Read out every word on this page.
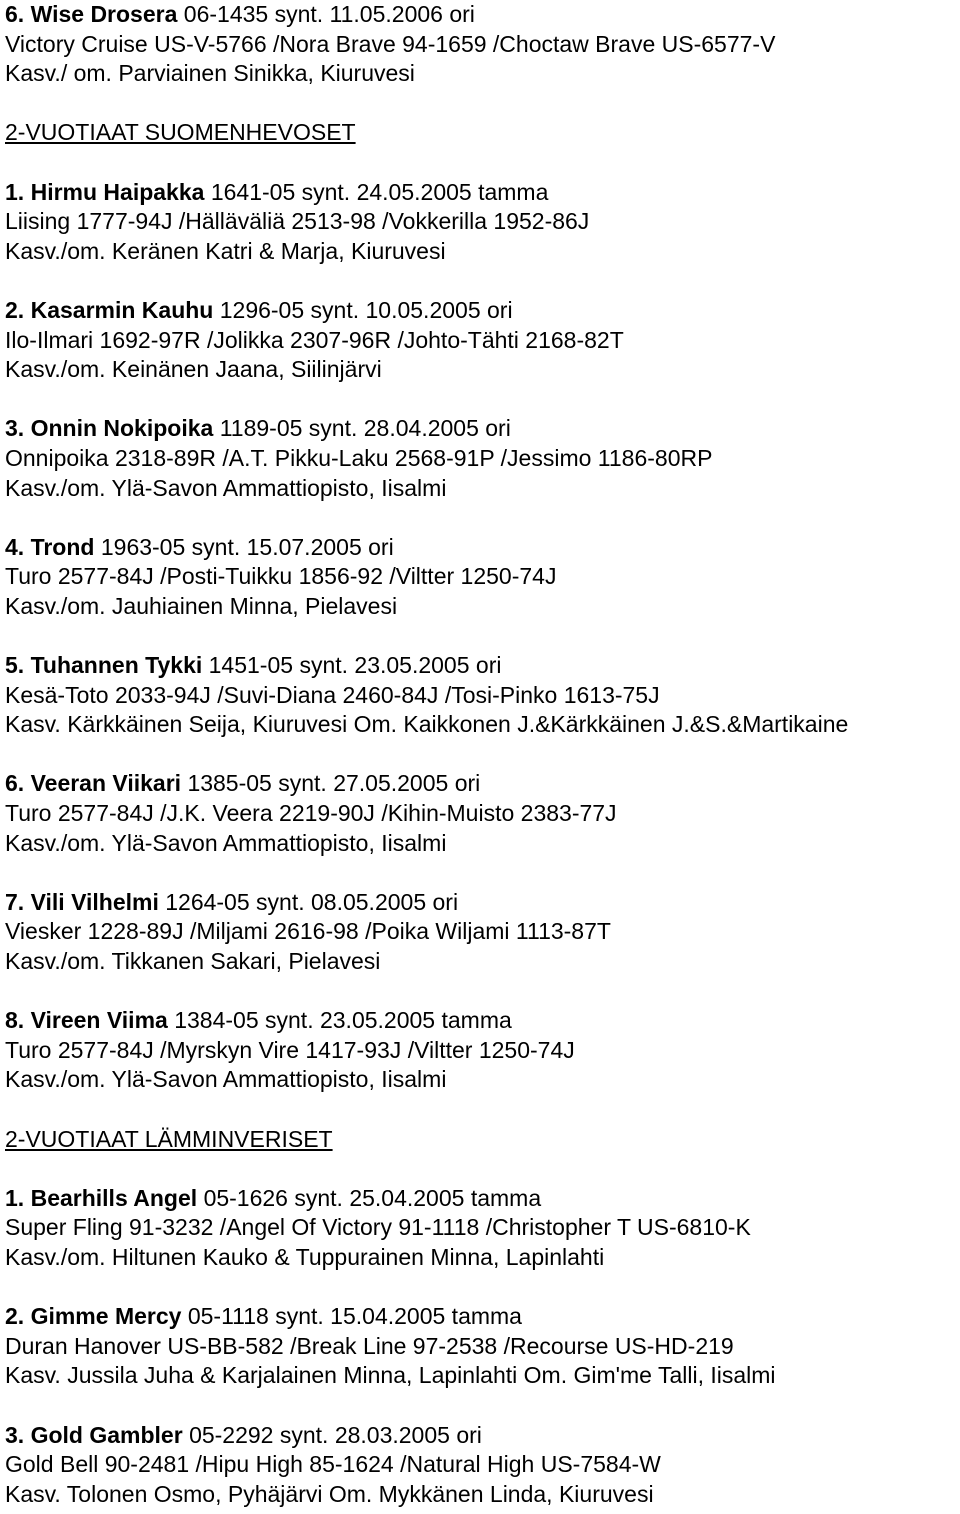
6. Wise Drosera 06-1435 synt. 11.05.2006 ori
Victory Cruise US-V-5766 /Nora Brave 94-1659 /Choctaw Brave US-6577-V
Kasv./ om. Parviainen Sinikka, Kiuruvesi
2-VUOTIAAT SUOMENHEVOSET
1. Hirmu Haipakka 1641-05 synt. 24.05.2005 tamma
Liising 1777-94J /Hälläväliä 2513-98 /Vokkerilla 1952-86J
Kasv./om. Keränen Katri & Marja, Kiuruvesi
2. Kasarmin Kauhu 1296-05 synt. 10.05.2005 ori
Ilo-Ilmari 1692-97R /Jolikka 2307-96R /Johto-Tähti 2168-82T
Kasv./om. Keinänen Jaana, Siilinjärvi
3. Onnin Nokipoika 1189-05 synt. 28.04.2005 ori
Onnipoika 2318-89R /A.T. Pikku-Laku 2568-91P /Jessimo 1186-80RP
Kasv./om. Ylä-Savon Ammattiopisto, Iisalmi
4. Trond 1963-05 synt. 15.07.2005 ori
Turo 2577-84J /Posti-Tuikku 1856-92 /Viltter 1250-74J
Kasv./om. Jauhiainen Minna, Pielavesi
5. Tuhannen Tykki 1451-05 synt. 23.05.2005 ori
Kesä-Toto 2033-94J /Suvi-Diana 2460-84J /Tosi-Pinko 1613-75J
Kasv. Kärkkäinen Seija, Kiuruvesi Om. Kaikkonen J.&Kärkkäinen J.&S.&Martikaine
6. Veeran Viikari 1385-05 synt. 27.05.2005 ori
Turo 2577-84J /J.K. Veera 2219-90J /Kihin-Muisto 2383-77J
Kasv./om. Ylä-Savon Ammattiopisto, Iisalmi
7. Vili Vilhelmi 1264-05 synt. 08.05.2005 ori
Viesker 1228-89J /Miljami 2616-98 /Poika Wiljami 1113-87T
Kasv./om. Tikkanen Sakari, Pielavesi
8. Vireen Viima 1384-05 synt. 23.05.2005 tamma
Turo 2577-84J /Myrskyn Vire 1417-93J /Viltter 1250-74J
Kasv./om. Ylä-Savon Ammattiopisto, Iisalmi
2-VUOTIAAT LÄMMINVERISET
1. Bearhills Angel 05-1626 synt. 25.04.2005 tamma
Super Fling 91-3232 /Angel Of Victory 91-1118 /Christopher T US-6810-K
Kasv./om. Hiltunen Kauko & Tuppurainen Minna, Lapinlahti
2. Gimme Mercy 05-1118 synt. 15.04.2005 tamma
Duran Hanover US-BB-582 /Break Line 97-2538 /Recourse US-HD-219
Kasv. Jussila Juha & Karjalainen Minna, Lapinlahti Om. Gim'me Talli, Iisalmi
3. Gold Gambler 05-2292 synt. 28.03.2005 ori
Gold Bell 90-2481 /Hipu High 85-1624 /Natural High US-7584-W
Kasv. Tolonen Osmo, Pyhäjärvi Om. Mykkänen Linda, Kiuruvesi
